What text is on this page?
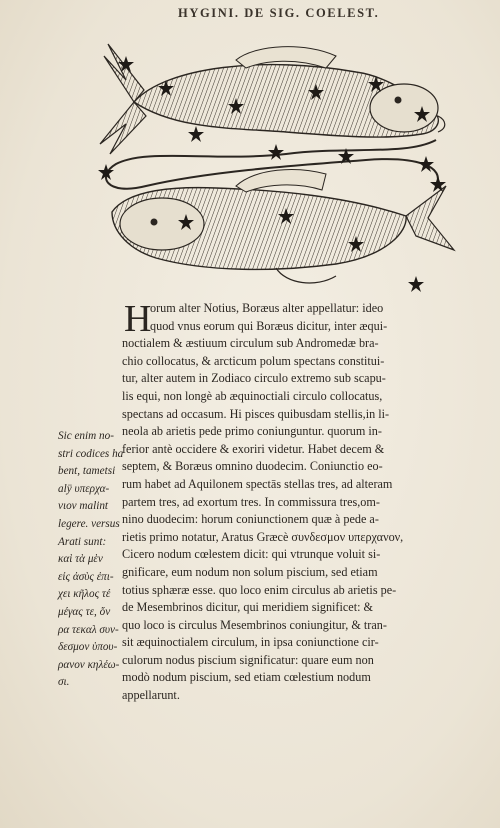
HYGINI. DE SIG. COELEST.
H
orum alter Notius, Boræus alter appellatur: ideo
quod vnus eorum qui Boræus dicitur, inter æqui-
noctialem & æstiuum circulum sub Andromedæ bra-
chio collocatus, & arcticum polum spectans constitui-
tur, alter autem in Zodiaco circulo extremo sub scapu-
lis equi, non longè ab æquinoctiali circulo collocatus,
spectans ad occasum. Hi pisces quibusdam stellis,in li-
neola ab arietis pede primo coniunguntur. quorum in-
ferior antè occidere & exoriri videtur. Habet decem &
septem, & Boræus omnino duodecim. Coniunctio eo-
rum habet ad Aquilonem spectās stellas tres, ad alteram
partem tres, ad exortum tres. In commissura tres,om-
nino duodecim: horum coniunctionem quæ à pede a-
rietis primo notatur, Aratus Græcè συνδεσμον υπερχανον,
Cicero nodum cœlestem dicit: qui vtrunque voluit si-
gnificare, eum nodum non solum piscium, sed etiam
totius sphæræ esse. quo loco enim circulus ab arietis pe-
de Mesembrinos dicitur, qui meridiem significet: &
quo loco is circulus Mesembrinos coniungitur, & tran-
sit æquinoctialem circulum, in ipsa coniunctione cir-
culorum nodus piscium significatur: quare eum non
modò nodum piscium, sed etiam cœlestium nodum
appellarunt.
Sic enim no-
stri codices ha
bent, tametsi
alÿ υπερχα-
νιον malint
legere. versus
Arati sunt:
καὶ τὰ μὲν
εἰς ἀσὺς ἐπι-
χει κῆλος τέ
μέγας τε, ὄν
ρα τεκαλ συν-
δεσμον ὑπου-
ρανον κηλέω-
σι.
